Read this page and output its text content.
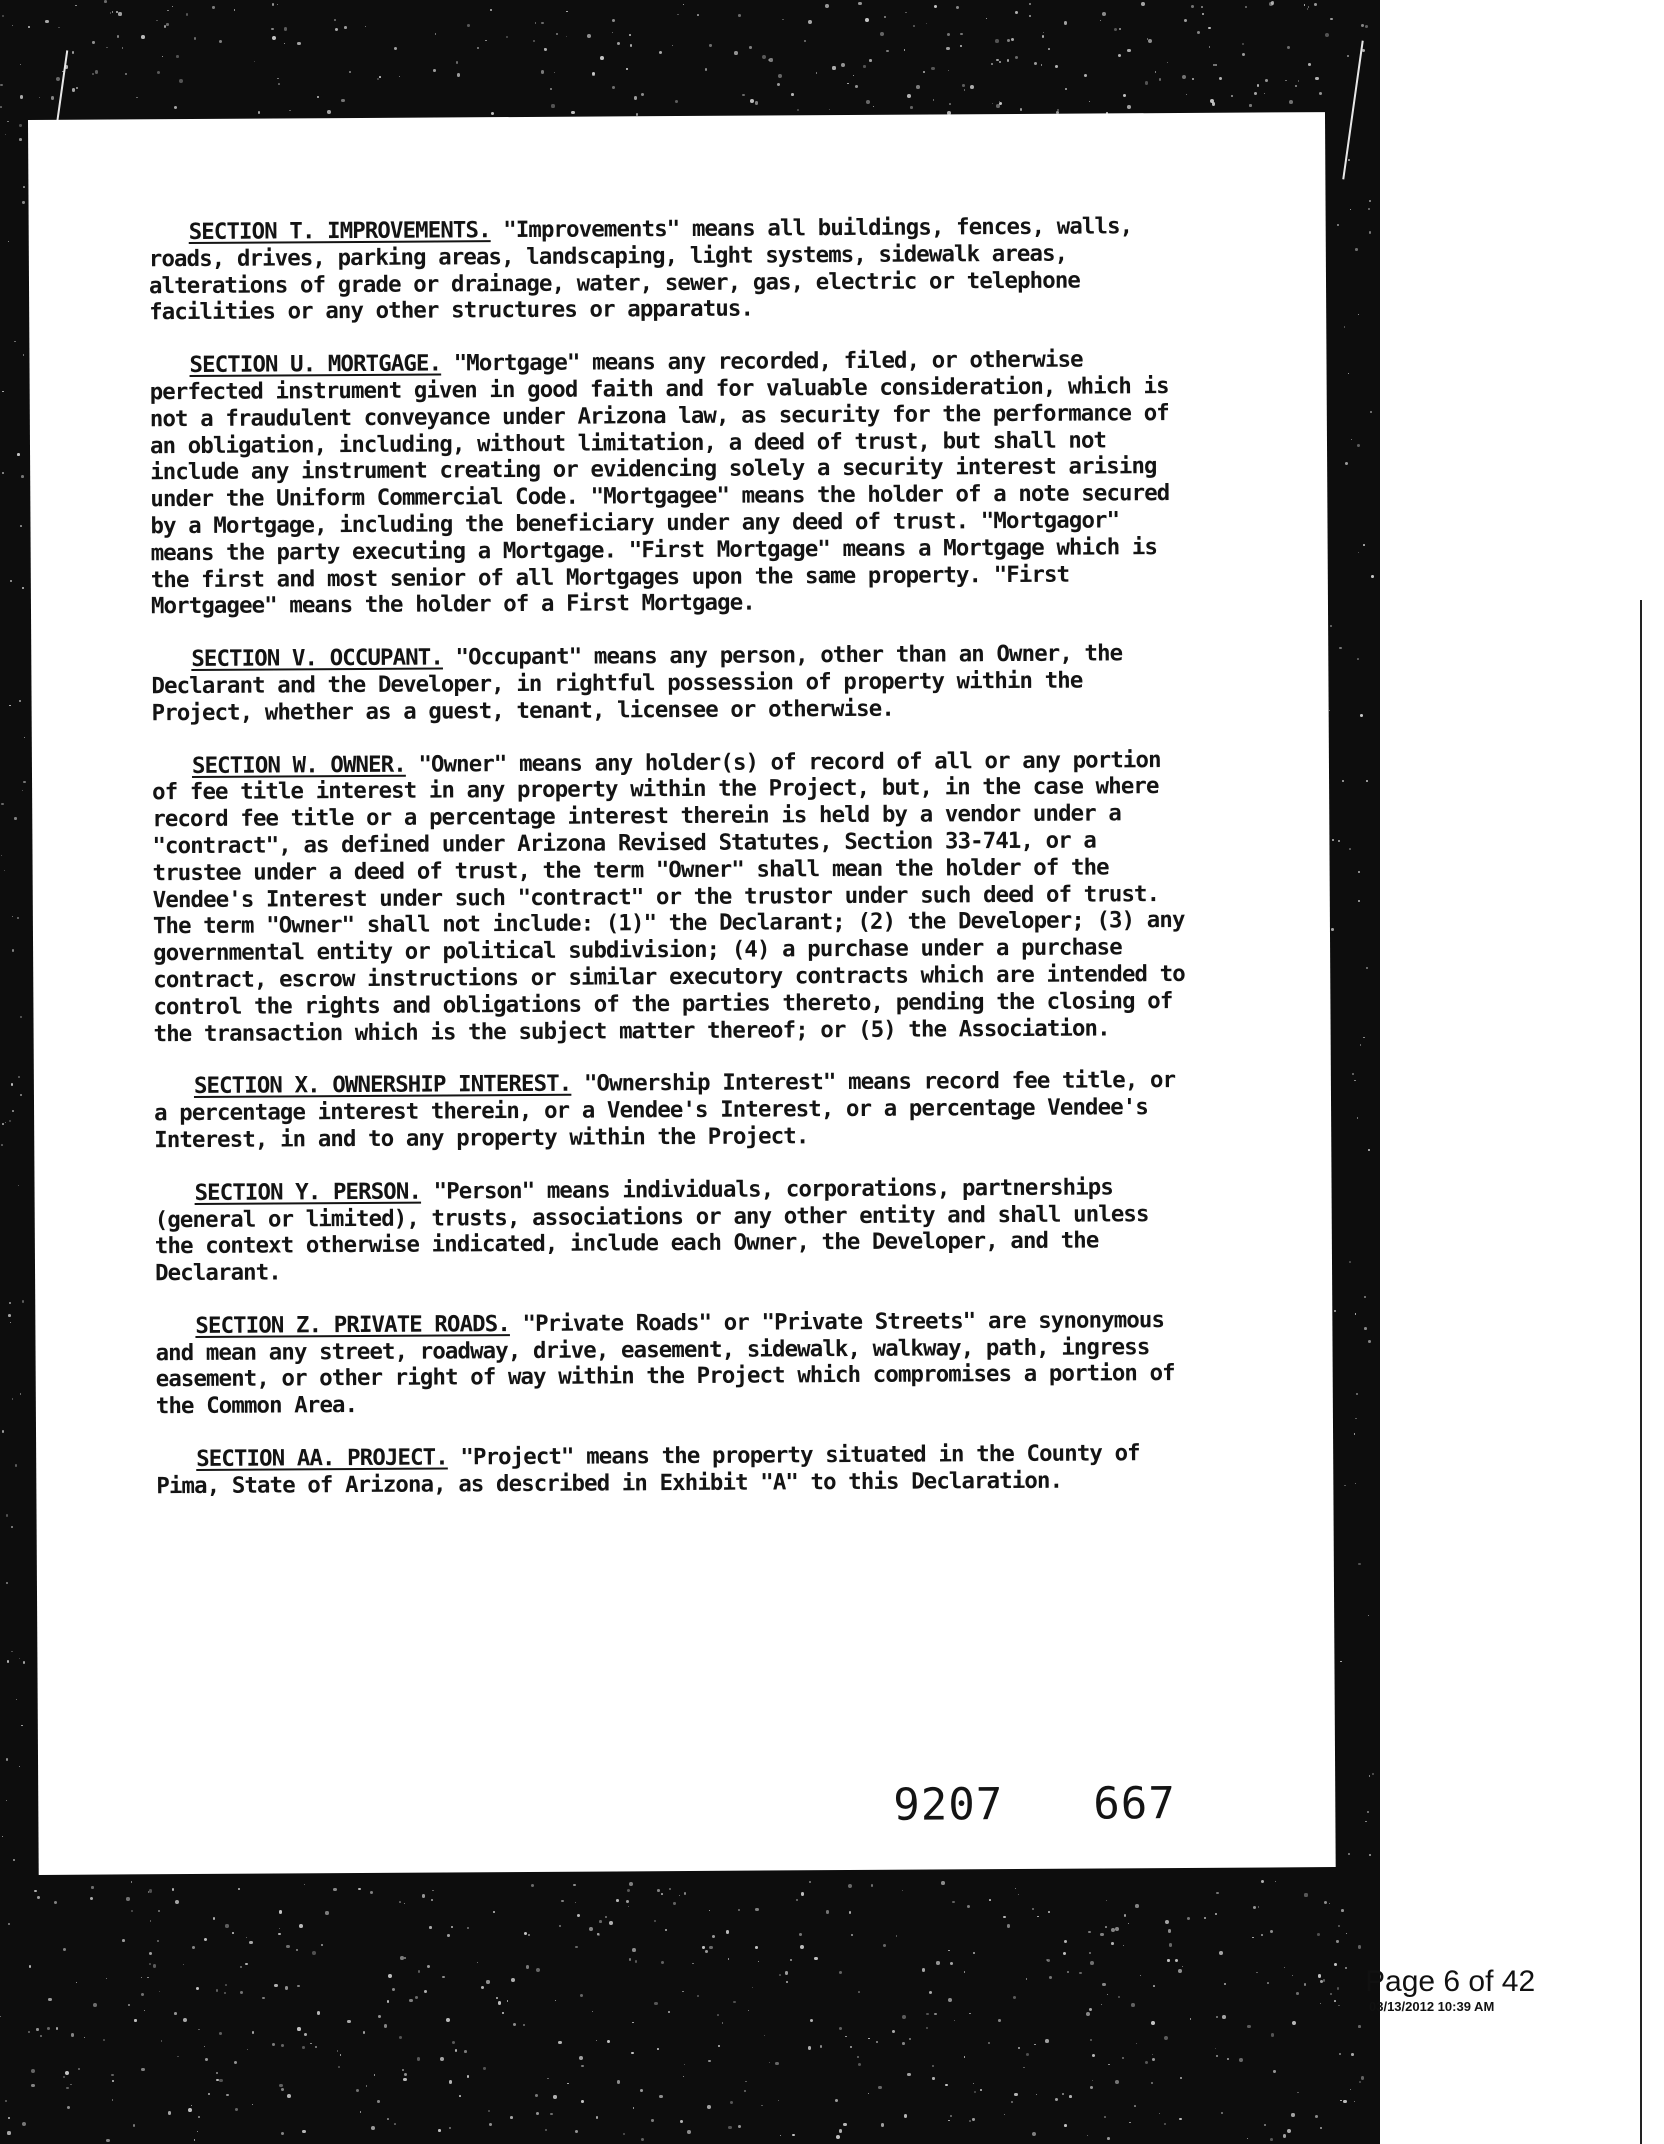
SECTION T. IMPROVEMENTS. "Improvements" means all buildings, fences, walls, roads, drives, parking areas, landscaping, light systems, sidewalk areas, alterations of grade or drainage, water, sewer, gas, electric or telephone facilities or any other structures or apparatus.

SECTION U. MORTGAGE. "Mortgage" means any recorded, filed, or otherwise perfected instrument given in good faith and for valuable consideration, which is not a fraudulent conveyance under Arizona law, as security for the performance of an obligation, including, without limitation, a deed of trust, but shall not include any instrument creating or evidencing solely a security interest arising under the Uniform Commercial Code. "Mortgagee" means the holder of a note secured by a Mortgage, including the beneficiary under any deed of trust. "Mortgagor" means the party executing a Mortgage. "First Mortgage" means a Mortgage which is the first and most senior of all Mortgages upon the same property. "First Mortgagee" means the holder of a First Mortgage.

SECTION V. OCCUPANT. "Occupant" means any person, other than an Owner, the Declarant and the Developer, in rightful possession of property within the Project, whether as a guest, tenant, licensee or otherwise.

SECTION W. OWNER. "Owner" means any holder(s) of record of all or any portion of fee title interest in any property within the Project, but, in the case where record fee title or a percentage interest therein is held by a vendor under a "contract", as defined under Arizona Revised Statutes, Section 33-741, or a trustee under a deed of trust, the term "Owner" shall mean the holder of the Vendee's Interest under such "contract" or the trustor under such deed of trust. The term "Owner" shall not include: (1)" the Declarant; (2) the Developer; (3) any governmental entity or political subdivision; (4) a purchase under a purchase contract, escrow instructions or similar executory contracts which are intended to control the rights and obligations of the parties thereto, pending the closing of the transaction which is the subject matter thereof; or (5) the Association.

SECTION X. OWNERSHIP INTEREST. "Ownership Interest" means record fee title, or a percentage interest therein, or a Vendee's Interest, or a percentage Vendee's Interest, in and to any property within the Project.

SECTION Y. PERSON. "Person" means individuals, corporations, partnerships (general or limited), trusts, associations or any other entity and shall unless the context otherwise indicated, include each Owner, the Developer, and the Declarant.

SECTION Z. PRIVATE ROADS. "Private Roads" or "Private Streets" are synonymous and mean any street, roadway, drive, easement, sidewalk, walkway, path, ingress easement, or other right of way within the Project which compromises a portion of the Common Area.

SECTION AA. PROJECT. "Project" means the property situated in the County of Pima, State of Arizona, as described in Exhibit "A" to this Declaration.

9207 667
Page 6 of 42
03/13/2012 10:39 AM
